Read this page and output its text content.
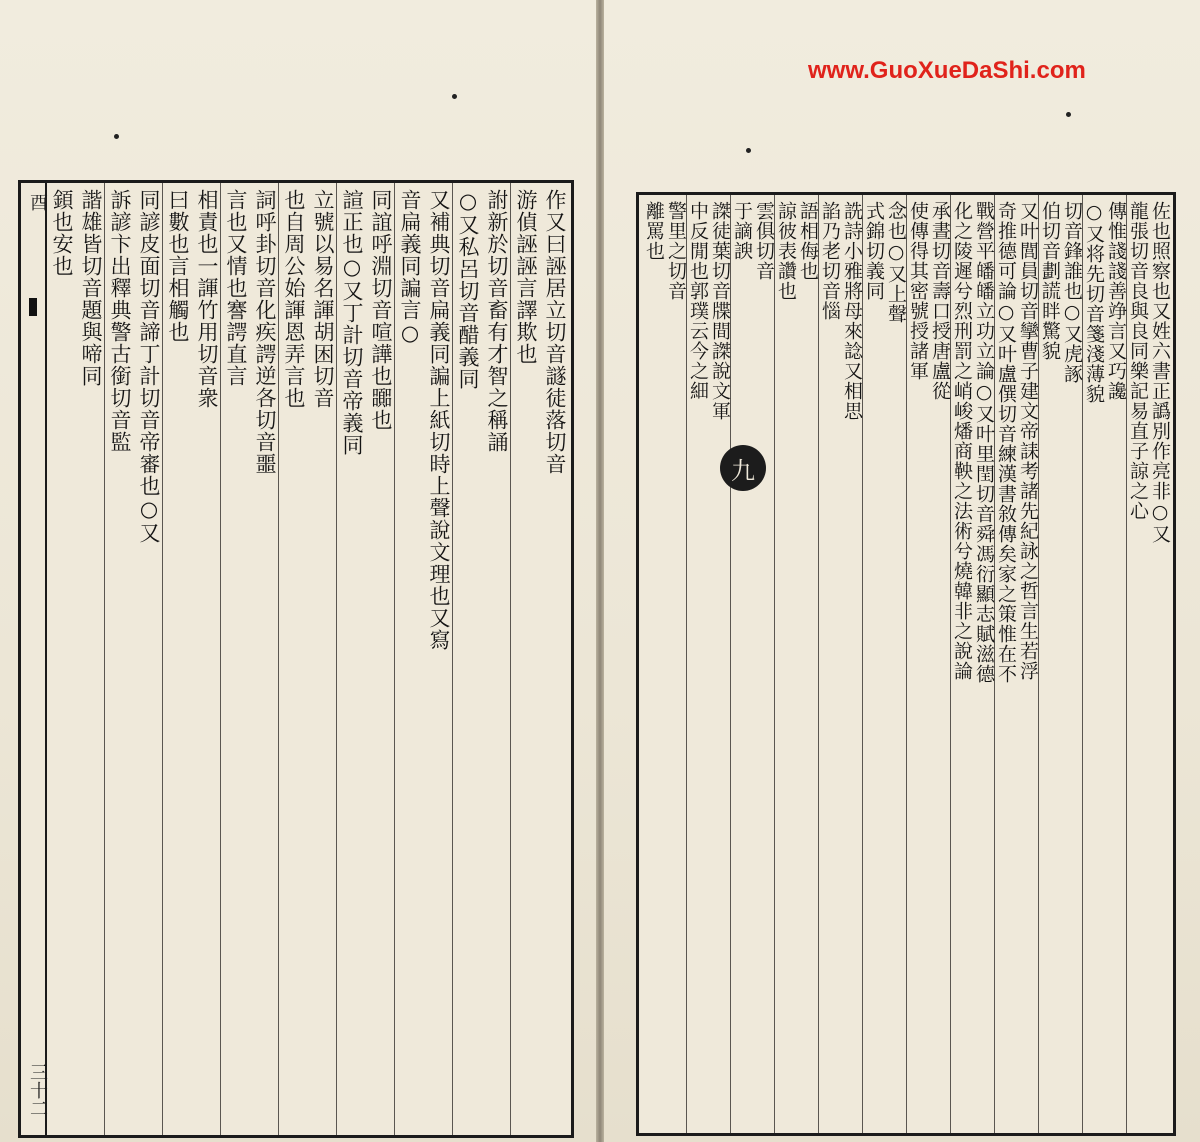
酉
三十二
作又曰誣居立切音譢徒落切音
游偵誣誣言譯欺也
詂新於切音畜有才智之稱誦
○又私呂切音醋義同
又補典切音扁義同諞上紙切時上聲說文理也又寫
音扁義同諞言○
同誼呼淵切音喧譁也嚻也
諠正也○又丁計切音帝義同
立號以易名諢胡困切音
也自周公始諢恩弄言也
詞呼卦切音化疾諤逆各切音噩
言也又情也謇諤直言
相責也一諢竹用切音衆
曰數也言相觸也
同諺皮面切音諦丁計切音帝審也○又
訴諺卞出釋典警古銜切音監
諧雄皆切音題與啼同
顉也安也	佐也照察也又姓六書正譌別作亮非○又
龍張切音良與良同樂記易直子諒之心
傳惟諓諓善竫言又巧讒
○又将先切音箋淺薄貌
切音鋒誰也○又虎諑
伯切音劃謊眫驚貌
又叶閭員切音攣曹子建文帝誄考諸先紀詠之哲言生若浮
奇推德可論○又叶盧僎切音練漢書敘傳矣家之策惟在不
戰營平皤皤立功立論○又叶里閏切音舜馮衍顯志賦滋德
化之陵遲兮烈刑罰之峭峻燔商鞅之法術兮燒韓非之說論
承晝切音壽口授唐盧從
使傳得其密號授諸軍
念也○又上聲
式錦切義同
詵詩小雅將母來諗又相思
諂乃老切音惱
語相侮也
諒彼表讚也
雲俱切音
于謫諛
謋徒葉切音牒間謋說文軍
中反閒也郭璞云今之細
警里之切音
離罵也
九
www.GuoXueDaShi.com
